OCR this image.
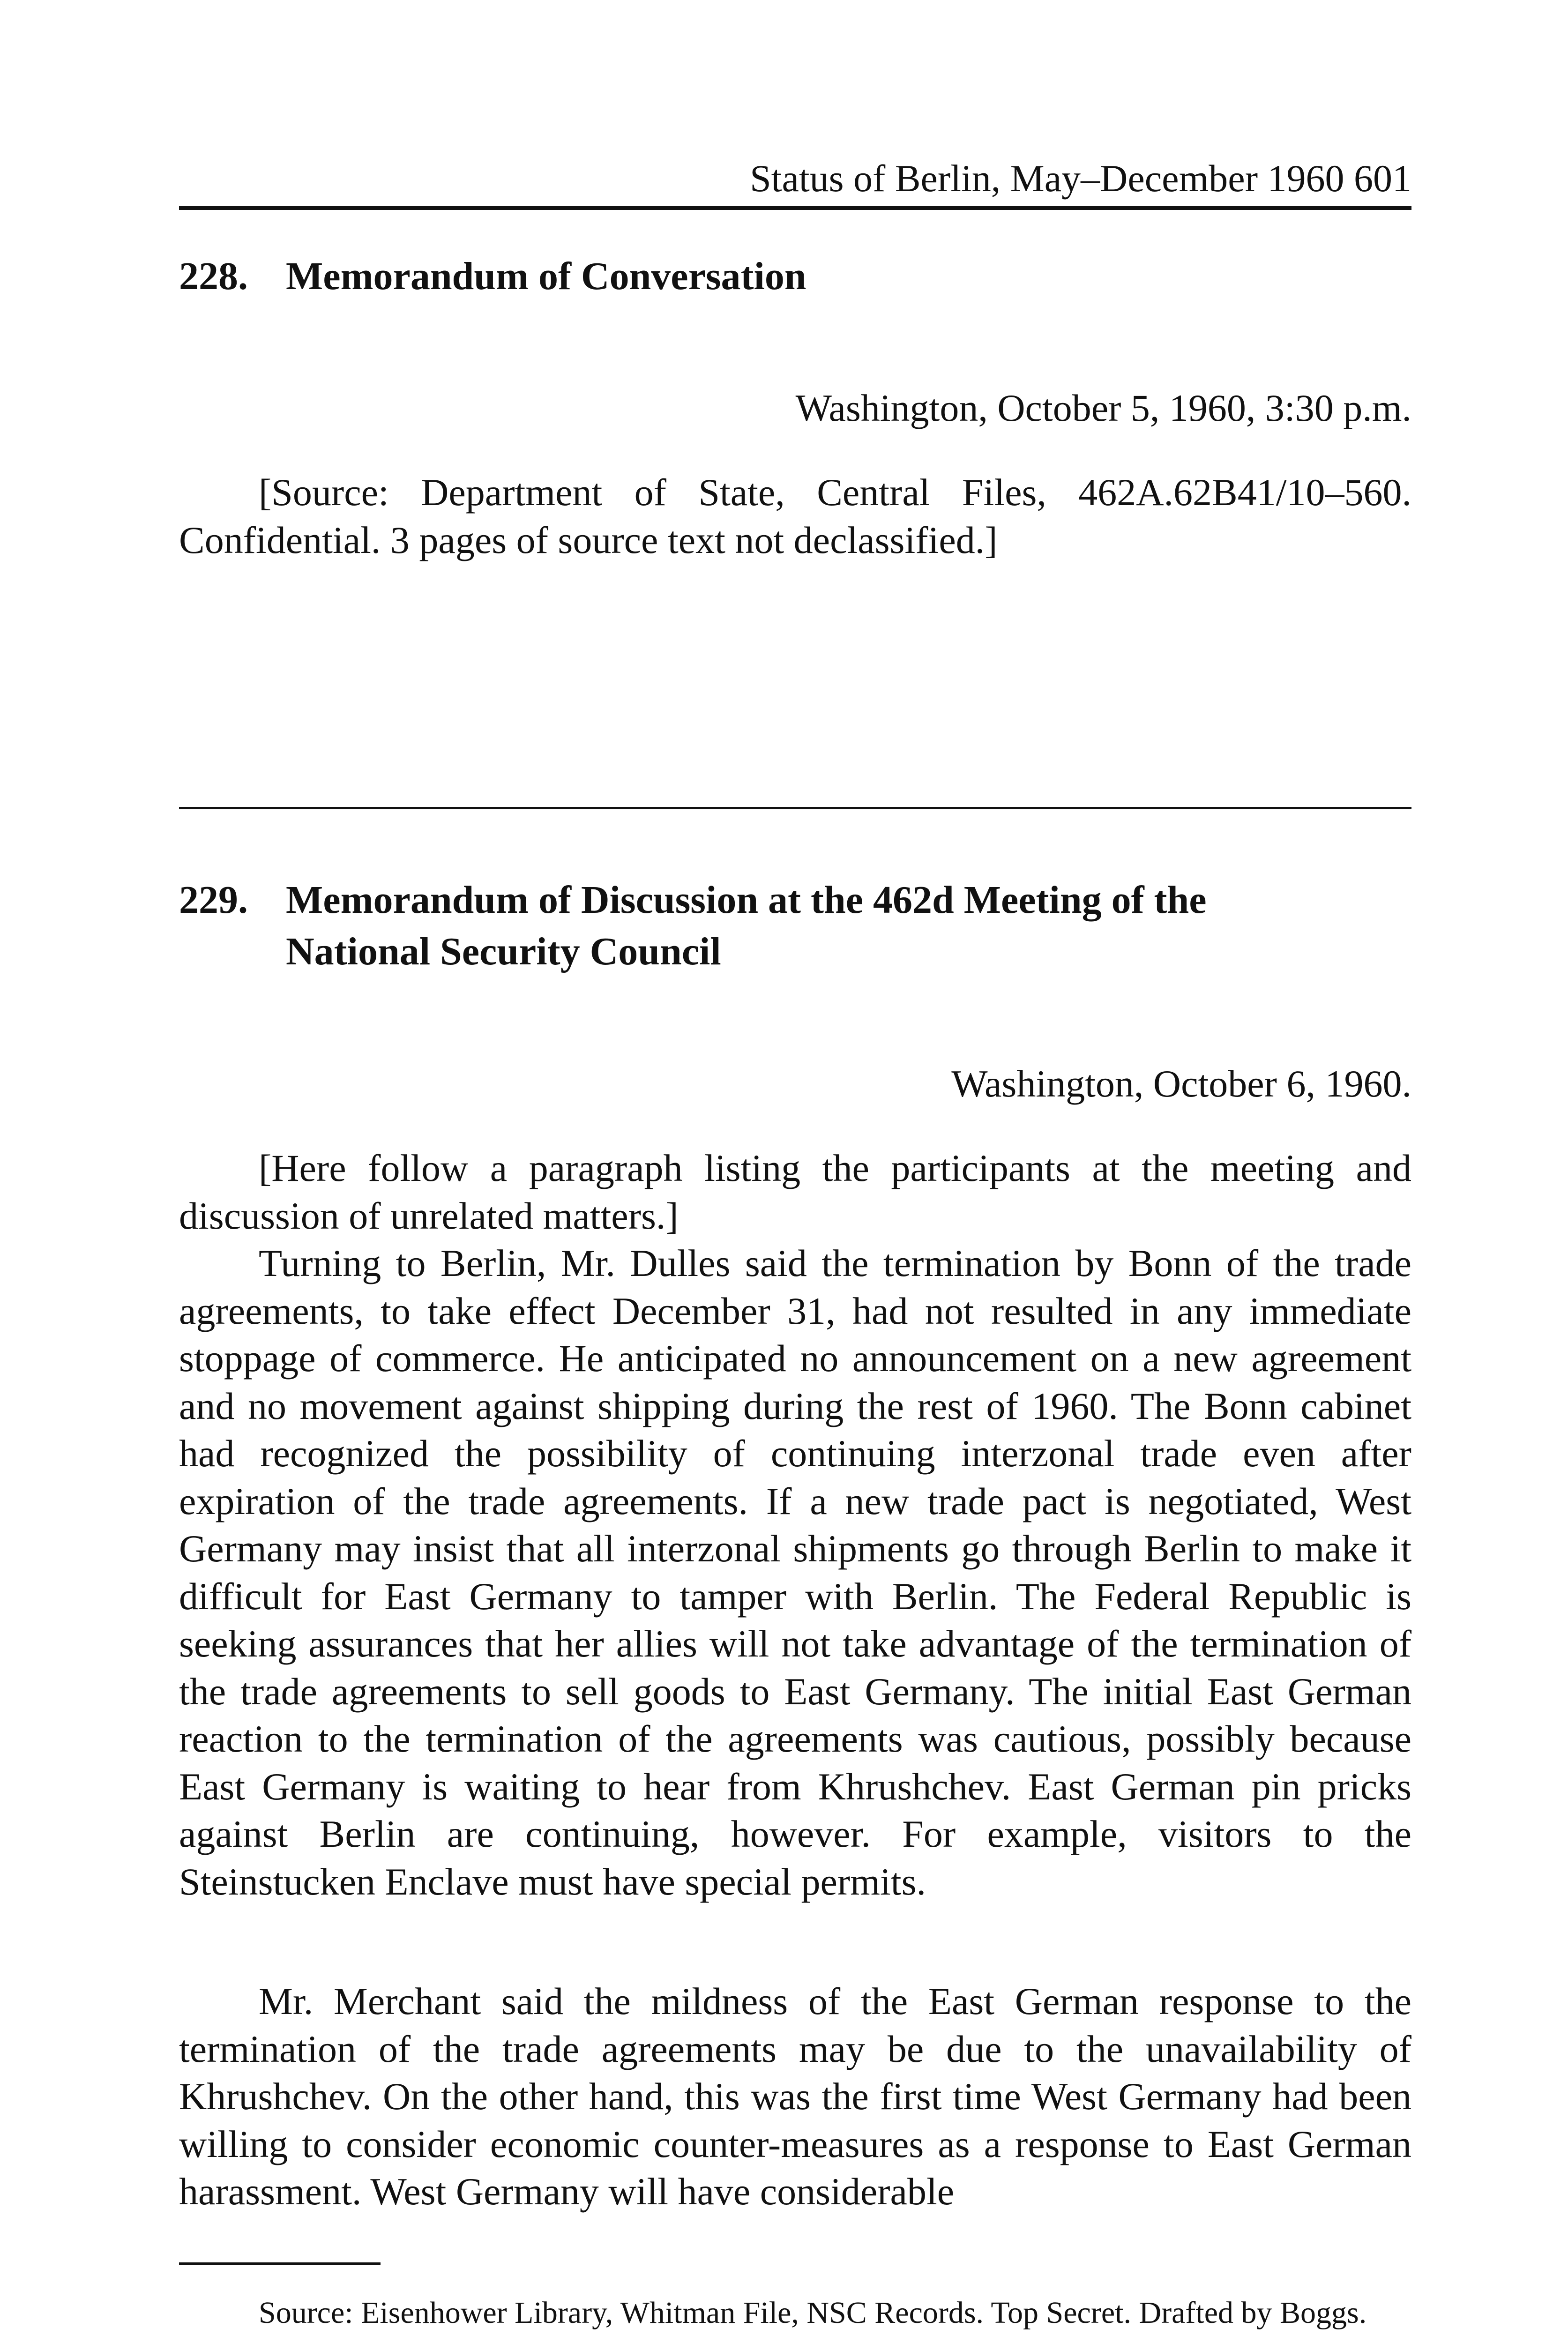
Status of Berlin, May–December 1960 601
228. Memorandum of Conversation
Washington, October 5, 1960, 3:30 p.m.

[Source: Department of State, Central Files, 462A.62B41/10–560. Confidential. 3 pages of source text not declassified.]

229. Memorandum of Discussion at the 462d Meeting of the
National Security Council
Washington, October 6, 1960.

[Here follow a paragraph listing the participants at the meeting and discussion of unrelated matters.]

Turning to Berlin, Mr. Dulles said the termination by Bonn of the trade agreements, to take effect December 31, had not resulted in any immediate stoppage of commerce. He anticipated no announcement on a new agreement and no movement against shipping during the rest of 1960. The Bonn cabinet had recognized the possibility of continuing interzonal trade even after expiration of the trade agreements. If a new trade pact is negotiated, West Germany may insist that all interzonal shipments go through Berlin to make it difficult for East Germany to tamper with Berlin. The Federal Republic is seeking assurances that her allies will not take advantage of the termination of the trade agreements to sell goods to East Germany. The initial East German reaction to the termination of the agreements was cautious, possibly because East Germany is waiting to hear from Khrushchev. East German pin pricks against Berlin are continuing, however. For example, visitors to the Steinstucken Enclave must have special permits.

Mr. Merchant said the mildness of the East German response to the termination of the trade agreements may be due to the unavailability of Khrushchev. On the other hand, this was the first time West Germany had been willing to consider economic counter-measures as a response to East German harassment. West Germany will have considerable

Source: Eisenhower Library, Whitman File, NSC Records. Top Secret. Drafted by Boggs.
